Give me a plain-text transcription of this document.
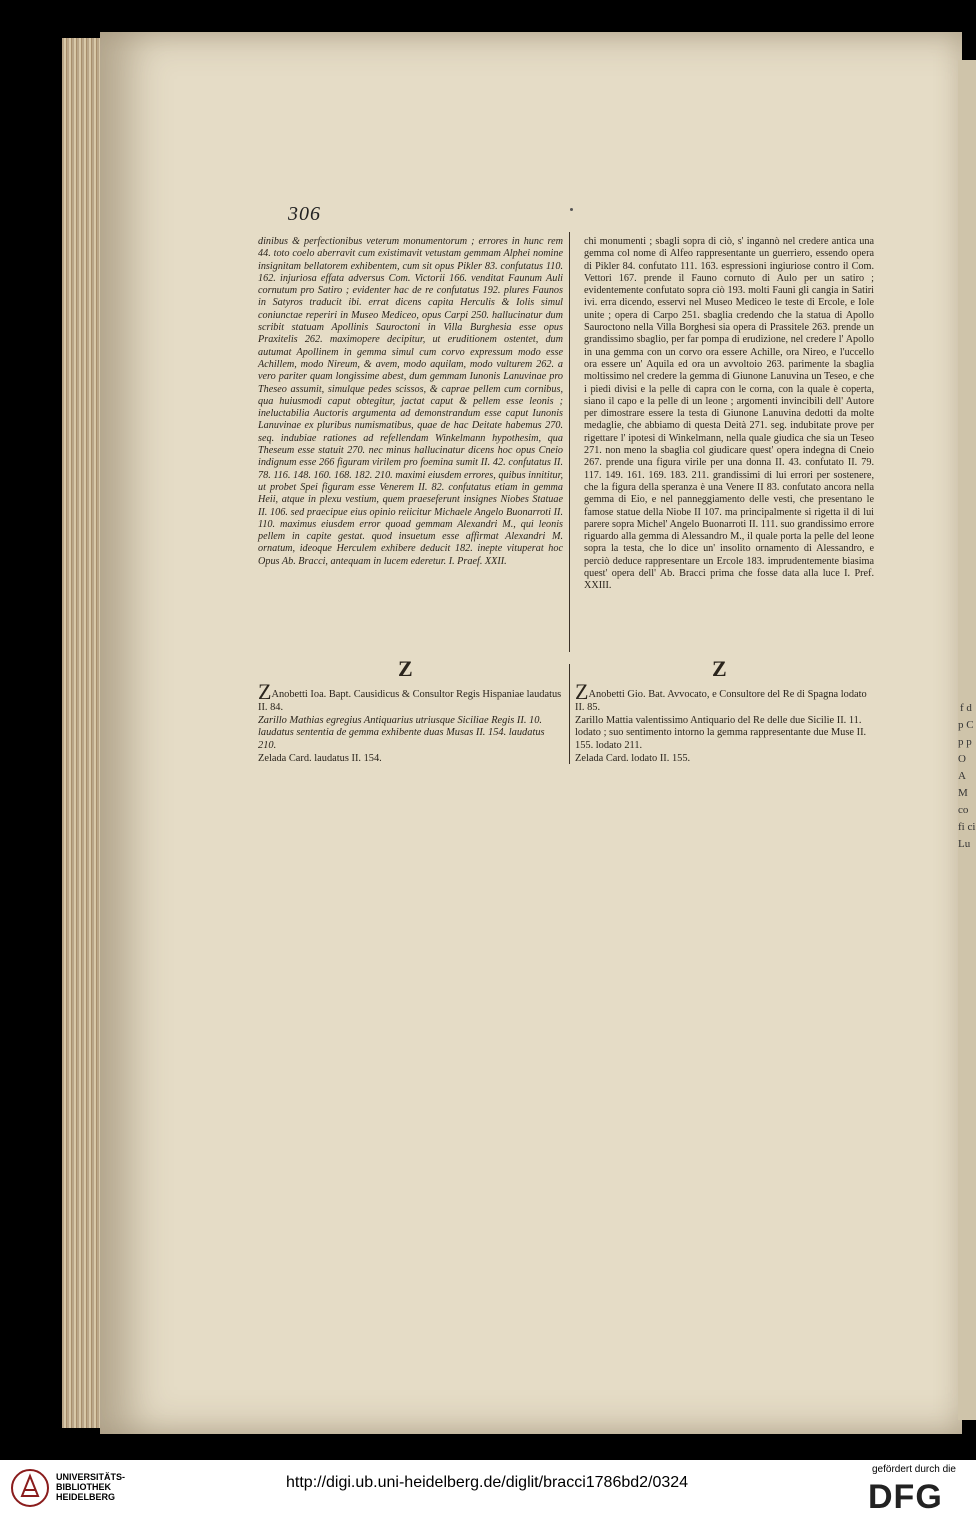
f d p C p p O A M co fi ci Lu
306
dinibus & perfectionibus veterum monumentorum ; errores in hunc rem 44. toto coelo aberravit cum existimavit vetustam gemmam Alphei nomine insignitam bellatorem exhibentem, cum sit opus Pikler 83. confutatus 110. 162. injuriosa effata adversus Com. Victorii 166. venditat Faunum Auli cornutum pro Satiro ; evidenter hac de re confutatus 192. plures Faunos in Satyros traducit ibi. errat dicens capita Herculis & Iolis simul coniunctae reperiri in Museo Mediceo, opus Carpi 250. hallucinatur dum scribit statuam Apollinis Sauroctoni in Villa Burghesia esse opus Praxitelis 262. maximopere decipitur, ut eruditionem ostentet, dum autumat Apollinem in gemma simul cum corvo expressum modo esse Achillem, modo Nireum, & avem, modo aquilam, modo vulturem 262. a vero pariter quam longissime abest, dum gemmam Iunonis Lanuvinae pro Theseo assumit, simulque pedes scissos, & caprae pellem cum cornibus, qua huiusmodi caput obtegitur, jactat caput & pellem esse leonis ; ineluctabilia Auctoris argumenta ad demonstrandum esse caput Iunonis Lanuvinae ex pluribus numismatibus, quae de hac Deitate habemus 270. seq. indubiae rationes ad refellendam Winkelmann hypothesim, qua Theseum esse statuit 270. nec minus hallucinatur dicens hoc opus Cneio indignum esse 266 figuram virilem pro foemina sumit II. 42. confutatus II. 78. 116. 148. 160. 168. 182. 210. maximi eiusdem errores, quibus innititur, ut probet Spei figuram esse Venerem II. 82. confutatus etiam in gemma Heii, atque in plexu vestium, quem praeseferunt insignes Niobes Statuae II. 106. sed praecipue eius opinio reiicitur Michaele Angelo Buonarroti II. 110. maximus eiusdem error quoad gemmam Alexandri M., qui leonis pellem in capite gestat. quod insuetum esse affirmat Alexandri M. ornatum, ideoque Herculem exhibere deducit 182. inepte vituperat hoc Opus Ab. Bracci, antequam in lucem ederetur. I. Praef. XXII.
chi monumenti ; sbagli sopra di ciò, s' ingannò nel credere antica una gemma col nome di Alfeo rappresentante un guerriero, essendo opera di Pikler 84. confutato 111. 163. espressioni ingiuriose contro il Com. Vettori 167. prende il Fauno cornuto di Aulo per un satiro ; evidentemente confutato sopra ciò 193. molti Fauni gli cangia in Satiri ivi. erra dicendo, esservi nel Museo Mediceo le teste di Ercole, e Iole unite ; opera di Carpo 251. sbaglia credendo che la statua di Apollo Sauroctono nella Villa Borghesi sia opera di Prassitele 263. prende un grandissimo sbaglio, per far pompa di erudizione, nel credere l' Apollo in una gemma con un corvo ora essere Achille, ora Nireo, e l'uccello ora essere un' Aquila ed ora un avvoltoio 263. parimente la sbaglia moltissimo nel credere la gemma di Giunone Lanuvina un Teseo, e che i piedi divisi e la pelle di capra con le corna, con la quale è coperta, siano il capo e la pelle di un leone ; argomenti invincibili dell' Autore per dimostrare essere la testa di Giunone Lanuvina dedotti da molte medaglie, che abbiamo di questa Deità 271. seg. indubitate prove per rigettare l' ipotesi di Winkelmann, nella quale giudica che sia un Teseo 271. non meno la sbaglia col giudicare quest' opera indegna di Cneio 267. prende una figura virile per una donna II. 43. confutato II. 79. 117. 149. 161. 169. 183. 211. grandissimi di lui errori per sostenere, che la figura della speranza è una Venere II 83. confutato ancora nella gemma di Eio, e nel panneggiamento delle vesti, che presentano le famose statue della Niobe II 107. ma principalmente si rigetta il di lui parere sopra Michel' Angelo Buonarroti II. 111. suo grandissimo errore riguardo alla gemma di Alessandro M., il quale porta la pelle del leone sopra la testa, che lo dice un' insolito ornamento di Alessandro, e perciò deduce rappresentare un Ercole 183. imprudentemente biasima quest' opera dell' Ab. Bracci prima che fosse data alla luce I. Pref. XXIII.
Z	Z

ZAnobetti Ioa. Bapt. Causidicus & Consultor Regis Hispaniae laudatus II. 84.

Zarillo Mathias egregius Antiquarius utriusque Siciliae Regis II. 10. laudatus sententia de gemma exhibente duas Musas II. 154. laudatus 210.

Zelada Card. laudatus II. 154.

ZAnobetti Gio. Bat. Avvocato, e Consultore del Re di Spagna lodato II. 85.

Zarillo Mattia valentissimo Antiquario del Re delle due Sicilie II. 11. lodato ; suo sentimento intorno la gemma rappresentante due Muse II. 155. lodato 211.

Zelada Card. lodato II. 155.

UNIVERSITÄTS-
BIBLIOTHEK
HEIDELBERG
http://digi.ub.uni-heidelberg.de/diglit/bracci1786bd2/0324
gefördert durch die
DFG
